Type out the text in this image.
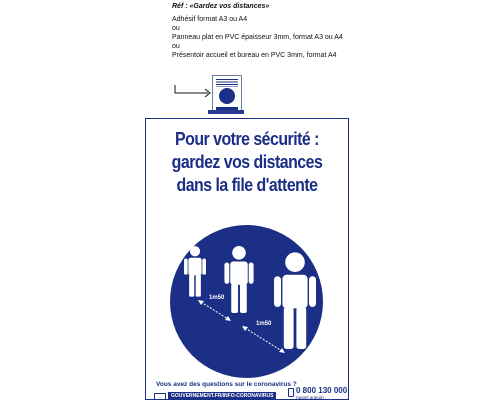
Réf : «Gardez vos distances»
Adhésif format A3 ou A4
ou
Panneau plat en PVC épaisseur 3mm, format A3 ou A4
ou
Présentoir accueil et bureau en PVC 3mm, format A4
Pour votre sécurité :
gardez vos distances
dans la file d'attente
1m50
1m50
Vous avez des questions sur le coronavirus ?
GOUVERNEMENT.FR/INFO-CORONAVIRUS
0 800 130 000
(appel gratuit)
